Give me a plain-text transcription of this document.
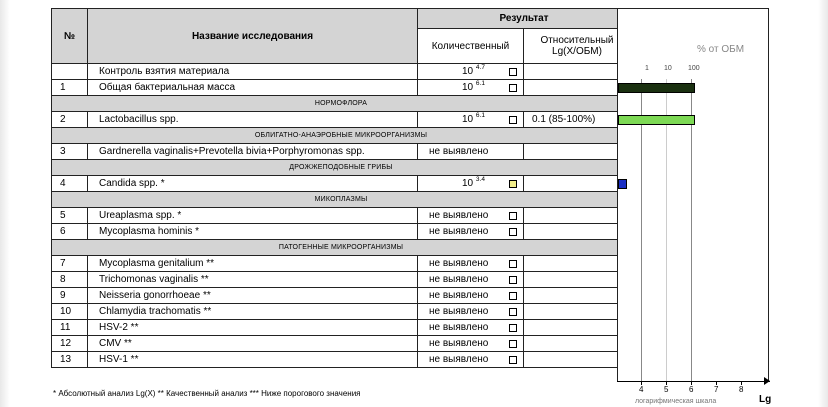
№	Название исследования	Результат	
		Количественный	Относительный
Lg(X/ОБМ)

	Контроль взятия материала	10 $^{4.7}$

1	Общая бактериальная масса	10 $^{6.1}$

НОРМОФЛОРА			
2	Lactobacillus spp.	10 $^{6.1}$	0.1 (85-100%)

ОБЛИГАТНО-АНАЭРОБНЫЕ МИКРООРГАНИЗМЫ			
3	Gardnerella vaginalis+Prevotella bivia+Porphyromonas spp.	не выявлено	

ДРОЖЖЕПОДОБНЫЕ ГРИБЫ			
4	Candida spp. *	10 $^{3.4}$

МИКОПЛАЗМЫ			
5	Ureaplasma spp. *	не выявлено	

6	Mycoplasma hominis *	не выявлено	

ПАТОГЕННЫЕ МИКРООРГАНИЗМЫ			
7	Mycoplasma genitalium **	не выявлено	

8	Trichomonas vaginalis **	не выявлено	

9	Neisseria gonorrhoeae **	не выявлено	

10	Chlamydia trachomatis **	не выявлено	

11	HSV-2 **	не выявлено	

12	CMV **	не выявлено	

13	HSV-1 **	не выявлено	

% от ОБМ
1 10 100
4	5	6	7	8
Lg
логарифмическая шкала
* Абсолютный анализ Lg(X) ** Качественный анализ *** Ниже порогового значения
